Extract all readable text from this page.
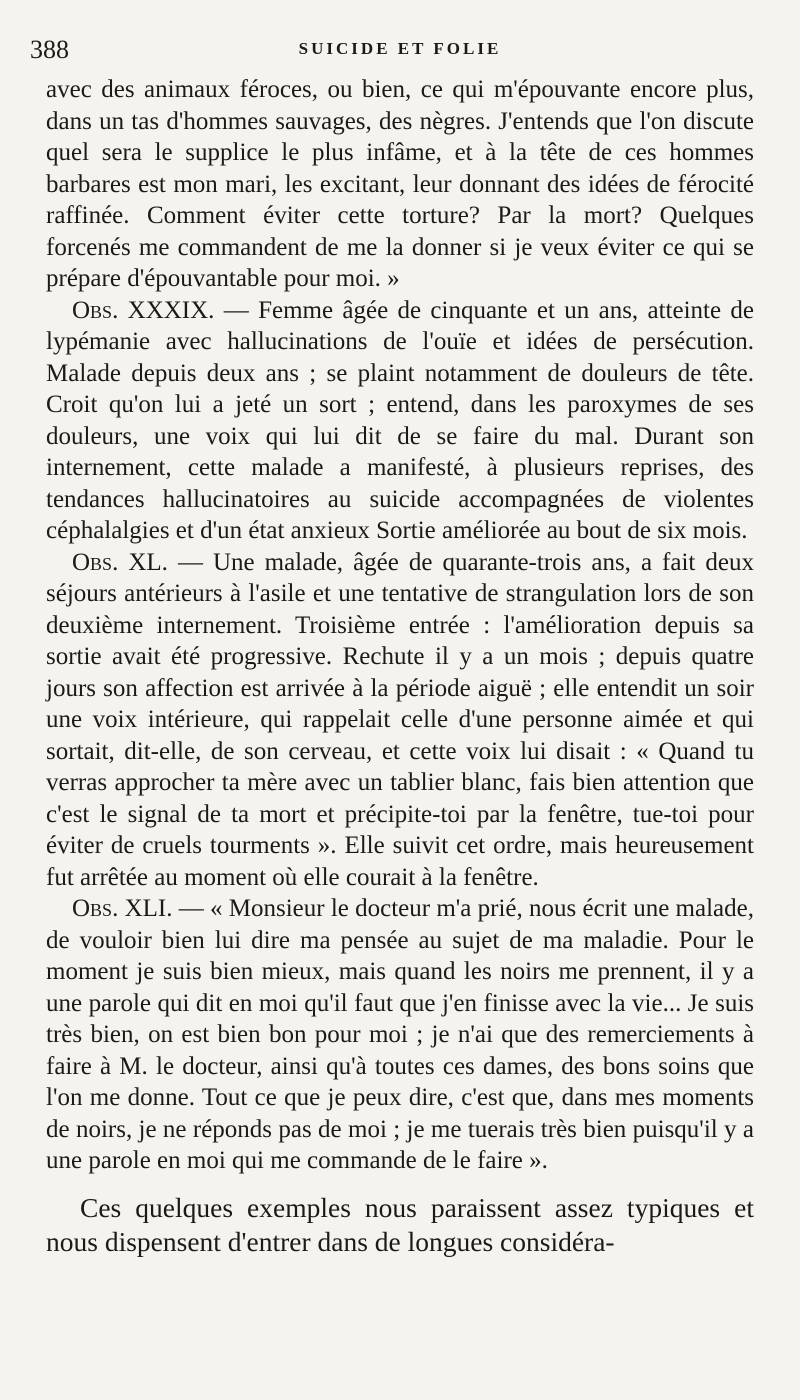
388	SUICIDE ET FOLIE

avec des animaux féroces, ou bien, ce qui m'épouvante encore plus, dans un tas d'hommes sauvages, des nègres. J'entends que l'on discute quel sera le supplice le plus infâme, et à la tête de ces hommes barbares est mon mari, les excitant, leur donnant des idées de férocité raffinée. Comment éviter cette torture? Par la mort? Quelques forcenés me commandent de me la donner si je veux éviter ce qui se prépare d'épouvantable pour moi. »

Obs. XXXIX. — Femme âgée de cinquante et un ans, atteinte de lypémanie avec hallucinations de l'ouïe et idées de persécution. Malade depuis deux ans ; se plaint notamment de douleurs de tête. Croit qu'on lui a jeté un sort ; entend, dans les paroxymes de ses douleurs, une voix qui lui dit de se faire du mal. Durant son internement, cette malade a manifesté, à plusieurs reprises, des tendances hallucinatoires au suicide accompagnées de violentes céphalalgies et d'un état anxieux Sortie améliorée au bout de six mois.

Obs. XL. — Une malade, âgée de quarante-trois ans, a fait deux séjours antérieurs à l'asile et une tentative de strangulation lors de son deuxième internement. Troisième entrée : l'amélioration depuis sa sortie avait été progressive. Rechute il y a un mois ; depuis quatre jours son affection est arrivée à la période aiguë ; elle entendit un soir une voix intérieure, qui rappelait celle d'une personne aimée et qui sortait, dit-elle, de son cerveau, et cette voix lui disait : « Quand tu verras approcher ta mère avec un tablier blanc, fais bien attention que c'est le signal de ta mort et précipite-toi par la fenêtre, tue-toi pour éviter de cruels tourments ». Elle suivit cet ordre, mais heureusement fut arrêtée au moment où elle courait à la fenêtre.

Obs. XLI. — « Monsieur le docteur m'a prié, nous écrit une malade, de vouloir bien lui dire ma pensée au sujet de ma maladie. Pour le moment je suis bien mieux, mais quand les noirs me prennent, il y a une parole qui dit en moi qu'il faut que j'en finisse avec la vie... Je suis très bien, on est bien bon pour moi ; je n'ai que des remerciements à faire à M. le docteur, ainsi qu'à toutes ces dames, des bons soins que l'on me donne. Tout ce que je peux dire, c'est que, dans mes moments de noirs, je ne réponds pas de moi ; je me tuerais très bien puisqu'il y a une parole en moi qui me commande de le faire ».

Ces quelques exemples nous paraissent assez typiques et nous dispensent d'entrer dans de longues considéra-
